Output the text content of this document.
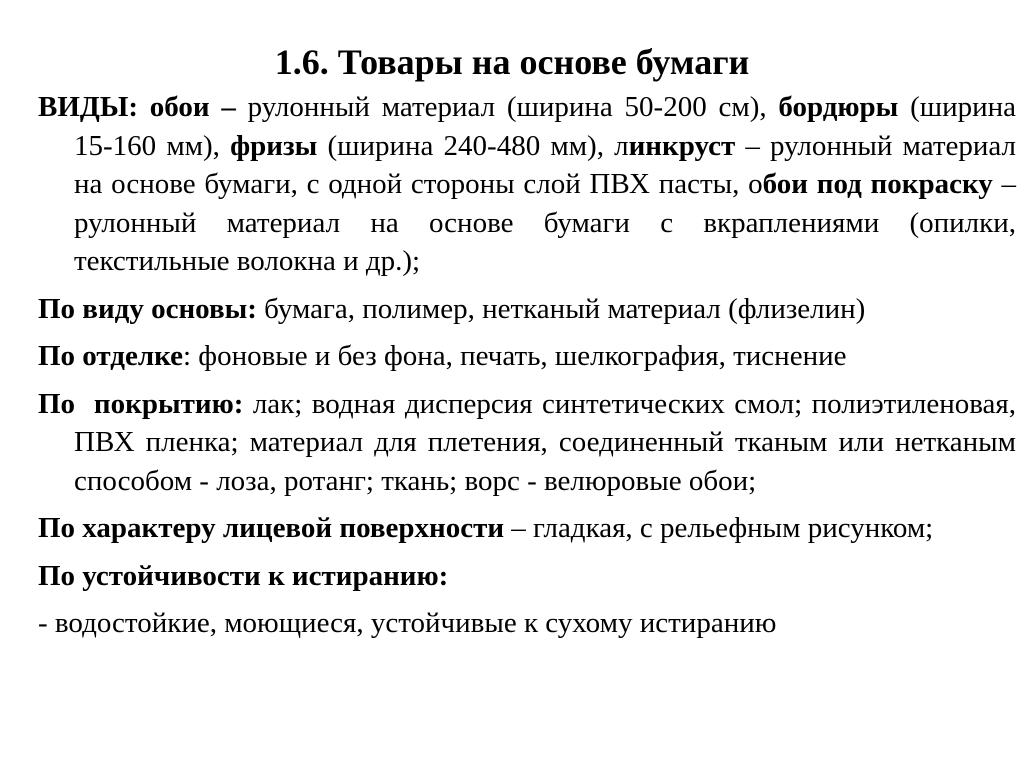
1.6. Товары на основе бумаги

ВИДЫ: обои – рулонный материал (ширина 50-200 см), бордюры (ширина 15-160 мм), фризы (ширина 240-480 мм), линкруст – рулонный материал на основе бумаги, с одной стороны слой ПВХ пасты, обои под покраску – рулонный материал на основе бумаги с вкраплениями (опилки, текстильные волокна и др.);

По виду основы: бумага, полимер, нетканый материал (флизелин)

По отделке: фоновые и без фона, печать, шелкография, тиснение

По  покрытию: лак; водная дисперсия синтетических смол; полиэтиленовая, ПВХ пленка; материал для плетения, соединенный тканым или нетканым способом - лоза, ротанг; ткань; ворс - велюровые обои;

По характеру лицевой поверхности – гладкая, с рельефным рисунком;

По устойчивости к истиранию:

- водостойкие, моющиеся, устойчивые к сухому истиранию
